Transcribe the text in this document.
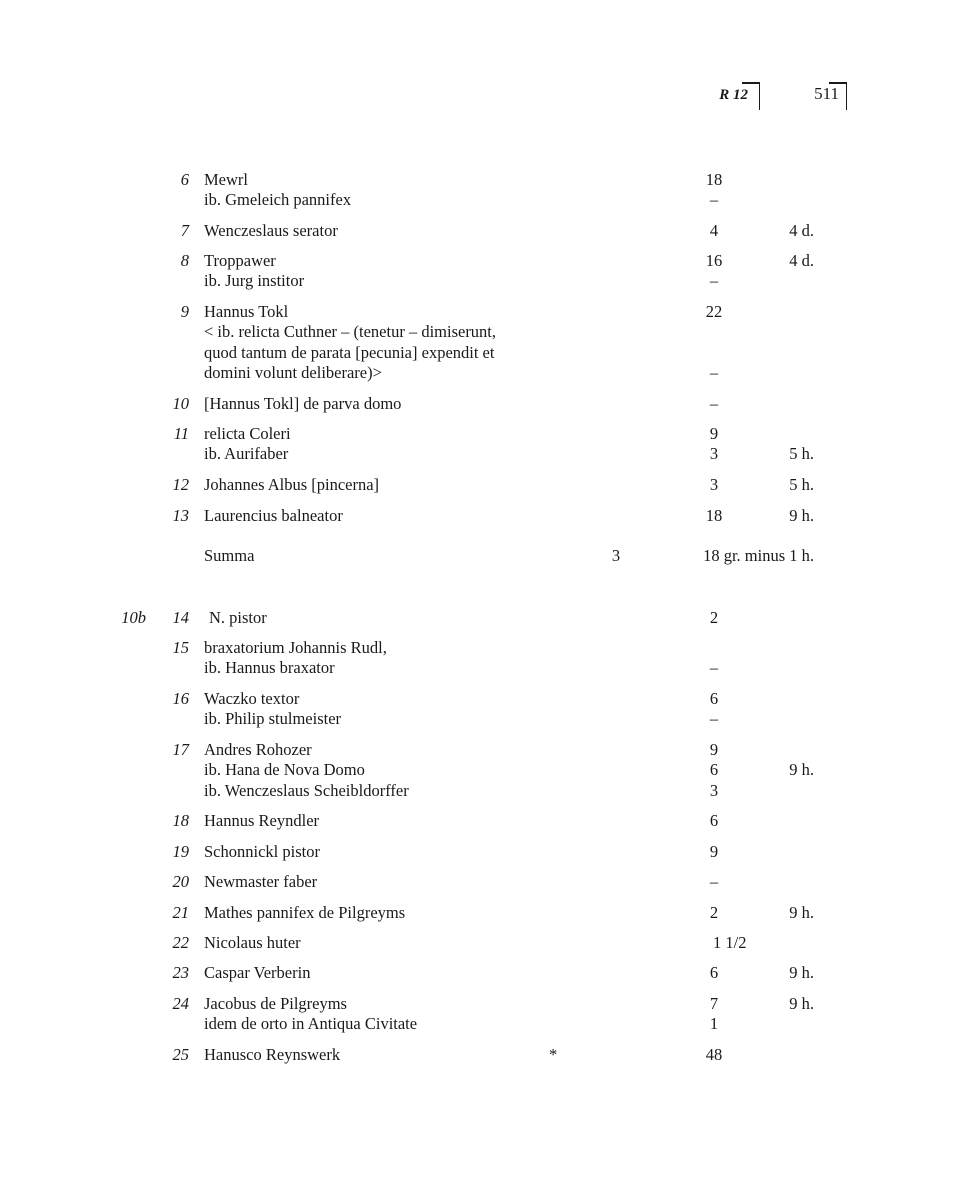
R 12	511
6 Mewrl	18
ib. Gmeleich pannifex	–
7 Wenczeslaus serator	4	4 d.
8 Troppawer	16	4 d.
ib. Jurg institor	–
9 Hannus Tokl	22
< ib. relicta Cuthner – (tenetur – dimiserunt,
quod tantum de parata [pecunia] expendit et
domini volunt deliberare)>	–
10 [Hannus Tokl] de parva domo	–
11 relicta Coleri	9
ib. Aurifaber	3	5 h.
12 Johannes Albus [pincerna]	3	5 h.
13 Laurencius balneator	18	9 h.
Summa	3	18 gr. minus 1 h.
10b	14 N. pistor	2
15 braxatorium Johannis Rudl,
ib. Hannus braxator	–
16 Waczko textor	6
ib. Philip stulmeister	–
17 Andres Rohozer	9
ib. Hana de Nova Domo	6	9 h.
ib. Wenczeslaus Scheibldorffer	3
18 Hannus Reyndler	6
19 Schonnickl pistor	9
20 Newmaster faber	–
21 Mathes pannifex de Pilgreyms	2	9 h.
22 Nicolaus huter	1 1/2
23 Caspar Verberin	6	9 h.
24 Jacobus de Pilgreyms	7	9 h.
idem de orto in Antiqua Civitate	1
25 Hanusco Reynswerk	*	48
